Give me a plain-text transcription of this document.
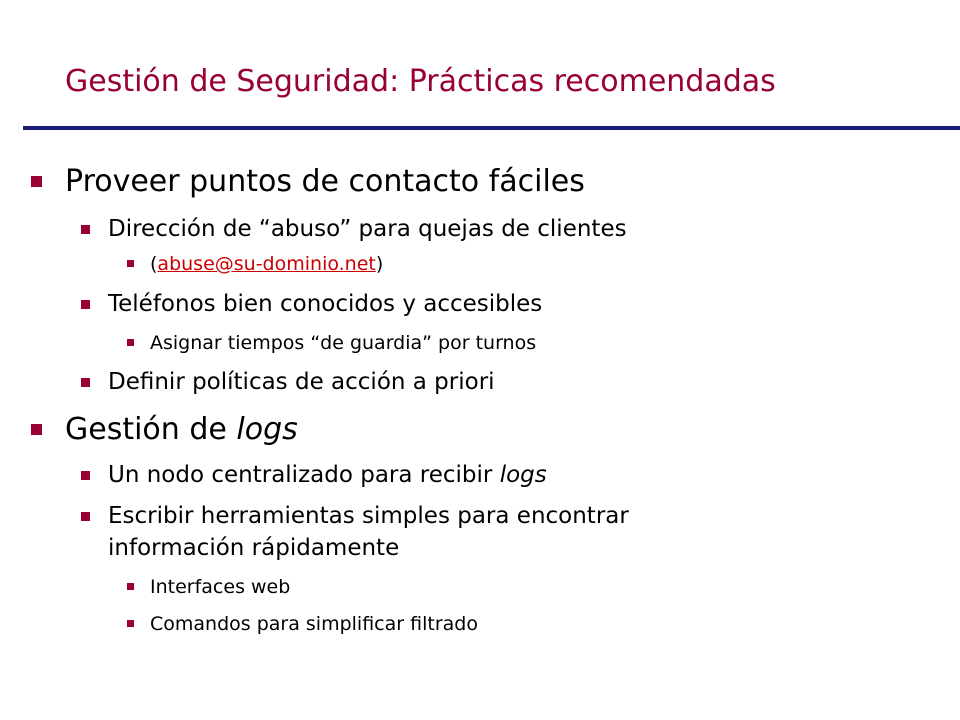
Gestión de Seguridad: Prácticas recomendadas
Proveer puntos de contacto fáciles
Dirección de “abuso” para quejas de clientes
(abuse@su-dominio.net)
Teléfonos bien conocidos y accesibles
Asignar tiempos “de guardia” por turnos
Definir políticas de acción a priori
Gestión de logs
Un nodo centralizado para recibir logs
Escribir herramientas simples para encontrar
información rápidamente
Interfaces web
Comandos para simplificar filtrado
